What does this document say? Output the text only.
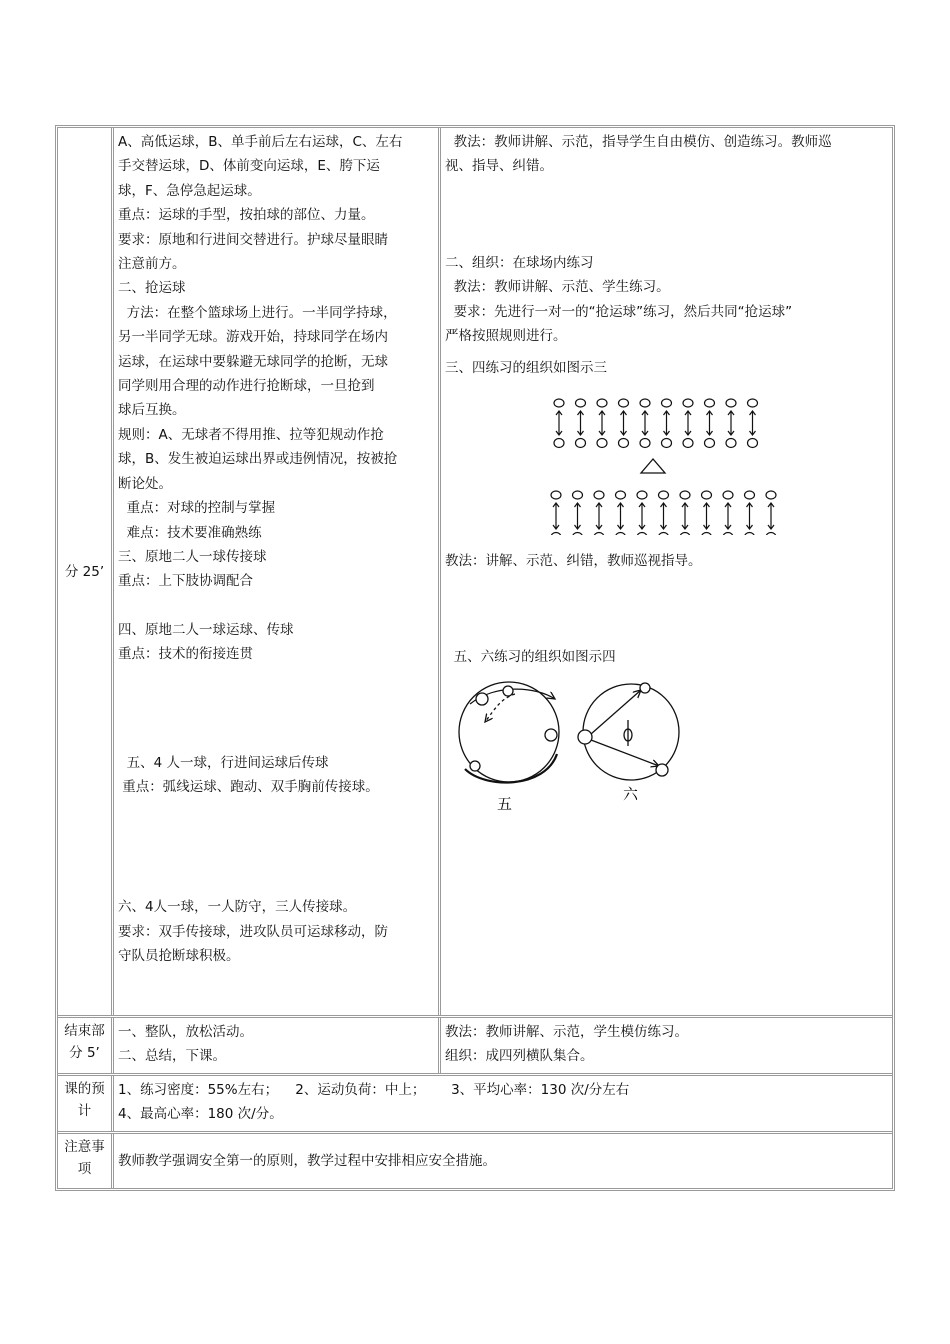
分 25’
A、高低运球，B、单手前后左右运球，C、左右
手交替运球，D、体前变向运球，E、胯下运
球，F、急停急起运球。
重点：运球的手型，按拍球的部位、力量。
要求：原地和行进间交替进行。护球尽量眼睛
注意前方。
二、抢运球
方法：在整个篮球场上进行。一半同学持球，
另一半同学无球。游戏开始，持球同学在场内
运球，在运球中要躲避无球同学的抢断，无球
同学则用合理的动作进行抢断球，一旦抢到
球后互换。
规则：A、无球者不得用推、拉等犯规动作抢
球，B、发生被迫运球出界或违例情况，按被抢
断论处。
重点：对球的控制与掌握
难点：技术要准确熟练
三、原地二人一球传接球
重点：上下肢协调配合
四、原地二人一球运球、传球
重点：技术的衔接连贯
五、4 人一球，行进间运球后传球
重点：弧线运球、跑动、双手胸前传接球。
六、4人一球，一人防守，三人传接球。
要求：双手传接球，进攻队员可运球移动，防
守队员抢断球积极。
教法：教师讲解、示范，指导学生自由模仿、创造练习。教师巡
视、指导、纠错。
二、组织：在球场内练习
教法：教师讲解、示范、学生练习。
要求：先进行一对一的“抢运球”练习，然后共同“抢运球”
严格按照规则进行。
三、四练习的组织如图示三
教法：讲解、示范、纠错，教师巡视指导。
五、六练习的组织如图示四
五
六
结束部
分 5’
一、整队，放松活动。
二、总结，下课。
教法：教师讲解、示范，学生模仿练习。
组织：成四列横队集合。
课的预
计
1、练习密度：55%左右；    2、运动负荷：中上；      3、平均心率：130 次/分左右
4、最高心率：180 次/分。
注意事
项
教师教学强调安全第一的原则，教学过程中安排相应安全措施。
